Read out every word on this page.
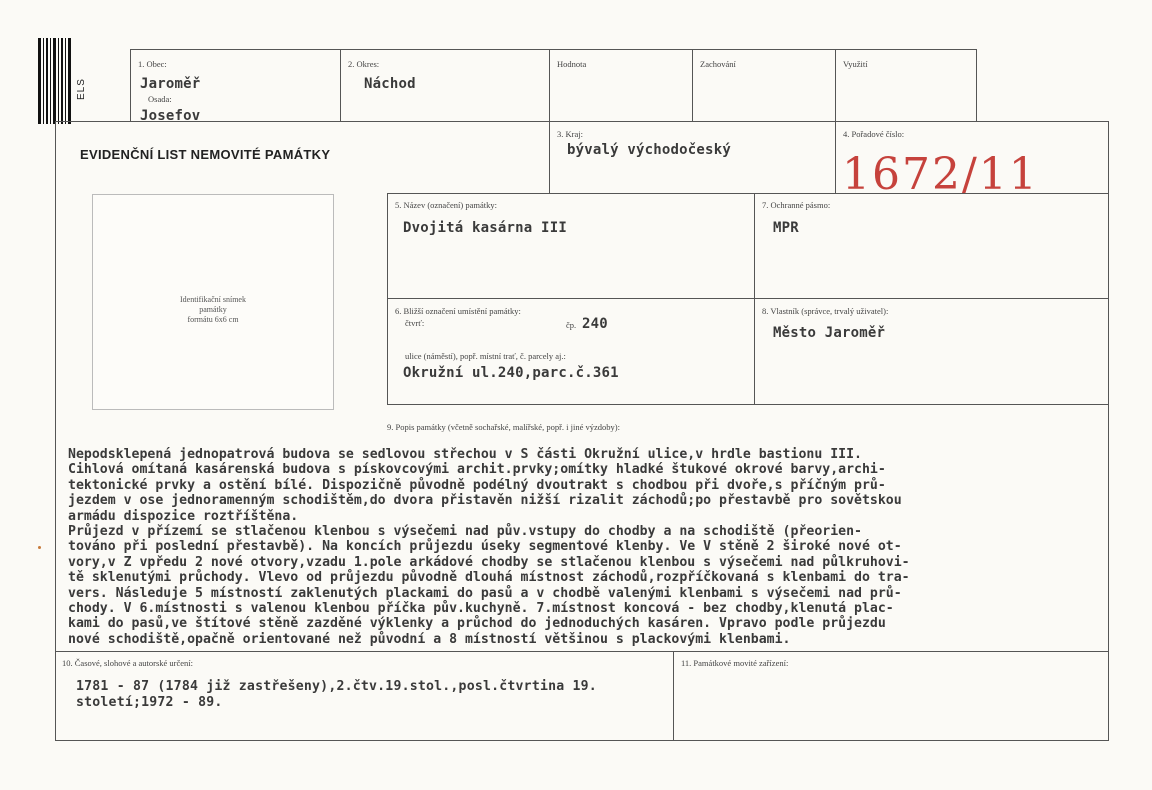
ELS
1. Obec:
Jaroměř
Osada:
Josefov
2. Okres:
Náchod
Hodnota	Zachování	Využití
EVIDENČNÍ LIST NEMOVITÉ PAMÁTKY
3. Kraj:
bývalý východočeský
4. Pořadové číslo:
1672/11
Identifikační snímek
památky
formátu 6x6 cm
5. Název (označení) památky:
Dvojitá kasárna III
7. Ochranné pásmo:
MPR
6. Bližší označení umístění památky:
čtvrť:	čp. 240
ulice (náměstí), popř. místní trať, č. parcely aj.:
Okružní ul.240,parc.č.361
8. Vlastník (správce, trvalý uživatel):
Město Jaroměř
9. Popis památky (včetně sochařské, malířské, popř. i jiné výzdoby):
Nepodsklepená jednopatrová budova se sedlovou střechou v S části Okružní ulice,v hrdle bastionu III.
Cihlová omítaná kasárenská budova s pískovcovými archit.prvky;omítky hladké štukové okrové barvy,archi-
tektonické prvky a ostění bílé. Dispozičně původně podélný dvoutrakt s chodbou při dvoře,s příčným prů-
jezdem v ose jednoramenným schodištěm,do dvora přistavěn nižší rizalit záchodů;po přestavbě pro sovětskou
armádu dispozice roztříštěna.
Průjezd v přízemí se stlačenou klenbou s výsečemi nad pův.vstupy do chodby a na schodiště (přeorien-
továno při poslední přestavbě). Na koncích průjezdu úseky segmentové klenby. Ve V stěně 2 široké nové ot-
vory,v Z vpředu 2 nové otvory,vzadu 1.pole arkádové chodby se stlačenou klenbou s výsečemi nad půlkruhovi-
tě sklenutými průchody. Vlevo od průjezdu původně dlouhá místnost záchodů,rozpříčkovaná s klenbami do tra-
vers. Následuje 5 místností zaklenutých plackami do pasů a v chodbě valenými klenbami s výsečemi nad prů-
chody. V 6.místnosti s valenou klenbou příčka pův.kuchyně. 7.místnost koncová - bez chodby,klenutá plac-
kami do pasů,ve štítové stěně zazděné výklenky a průchod do jednoduchých kasáren. Vpravo podle průjezdu
nové schodiště,opačně orientované než původní a 8 místností většinou s plackovými klenbami.
10. Časové, slohové a autorské určení:
1781 - 87 (1784 již zastřešeny),2.čtv.19.stol.,posl.čtvrtina 19.
století;1972 - 89.
11. Památkové movité zařízení:
